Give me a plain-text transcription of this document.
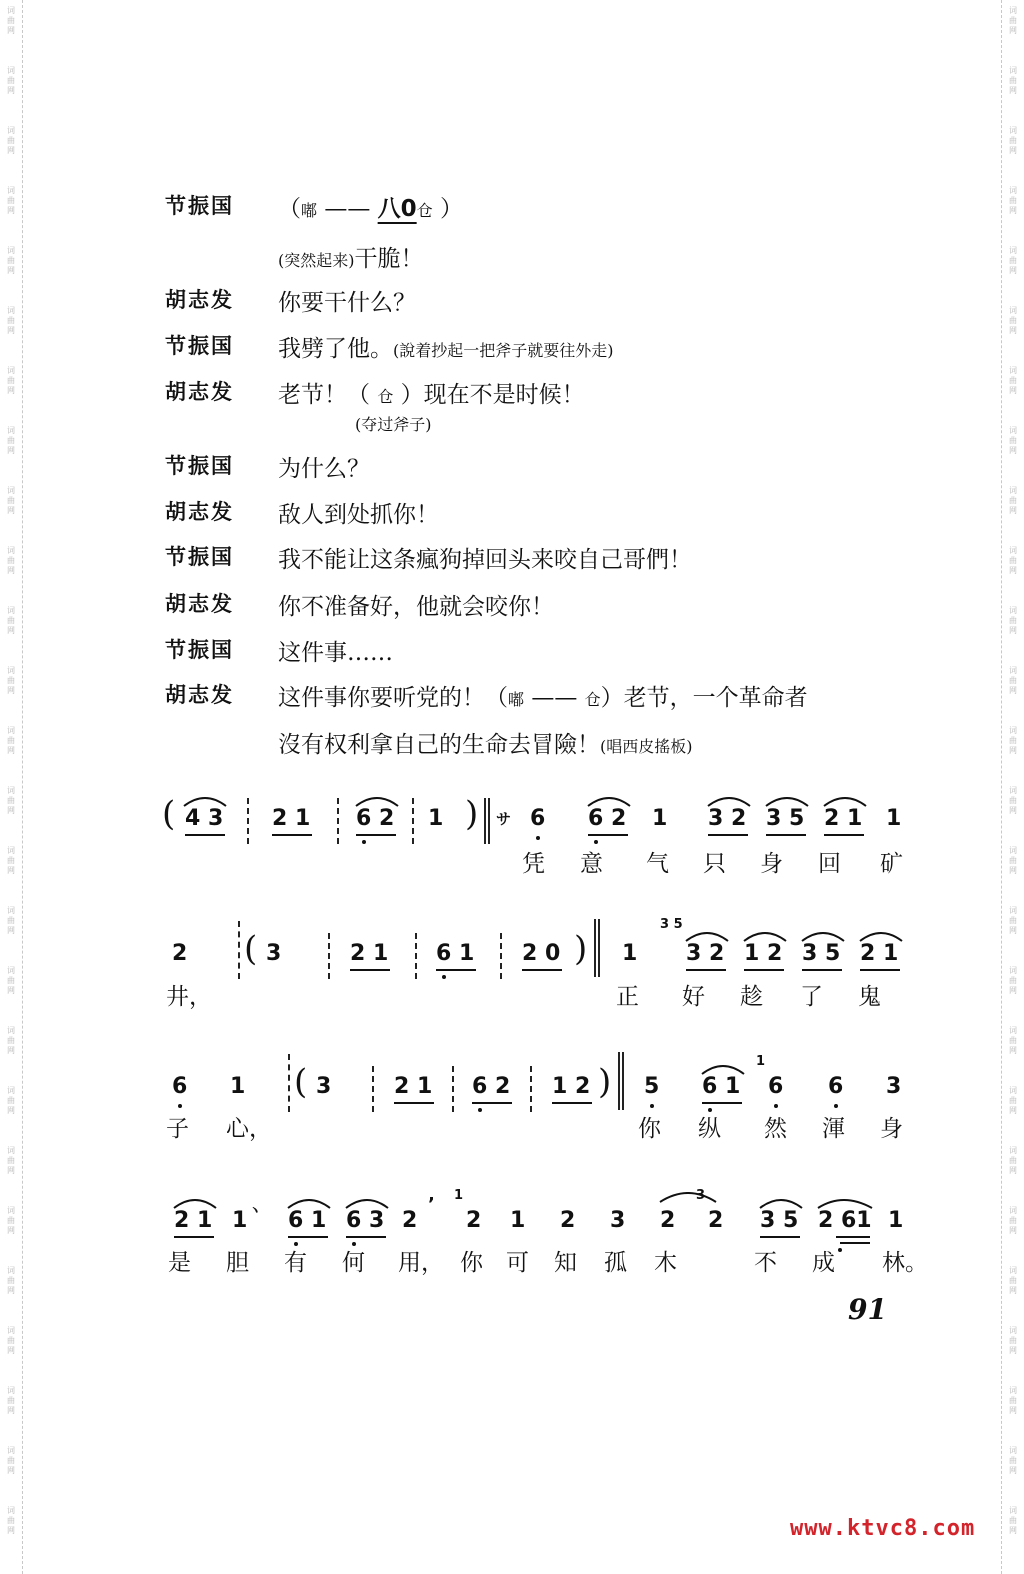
词
曲
网
词
曲
网
词
曲
网
词
曲
网
词
曲
网
词
曲
网
词
曲
网
词
曲
网
词
曲
网
词
曲
网
词
曲
网
词
曲
网
词
曲
网
词
曲
网
词
曲
网
词
曲
网
词
曲
网
词
曲
网
词
曲
网
词
曲
网
词
曲
网
词
曲
网
词
曲
网
词
曲
网
词
曲
网
词
曲
网
词
曲
网
词
曲
网
词
曲
网
词
曲
网
词
曲
网
词
曲
网
词
曲
网
词
曲
网
词
曲
网
词
曲
网
词
曲
网
词
曲
网
词
曲
网
词
曲
网
词
曲
网
词
曲
网
词
曲
网
词
曲
网
词
曲
网
词
曲
网
词
曲
网
词
曲
网
词
曲
网
词
曲
网
词
曲
网
词
曲
网
节振国 （嘟 —— 八0仓 ）
(突然起来)干脆！
胡志发 你要干什么？
节振国 我劈了他。(說着抄起一把斧子就要往外走)
胡志发 老节！（ 仓 ）现在不是时候！
(夺过斧子)
节振国 为什么？
胡志发 敌人到处抓你！
节振国 我不能让这条瘋狗掉回头来咬自己哥們！
胡志发 你不准备好，他就会咬你！
节振国 这件事……
胡志发 这件事你要听党的！（嘟 —— 仓）老节，一个革命者
沒有权利拿自己的生命去冒險！(唱西皮搖板)
( 4 3 2 1 6 2 1 ) サ 6 6 2 1 3 2 3 5 2 1 1
凭 意 气 只 身 回 矿
2 ( 3	2 1 6 1 2 0 ) 1
3 5
3 2 1 2 3 5 2 1
井，	正 好 趁 了 鬼
6 1 ( 3	2 1 6 2 1 2 ) 5 6 1
1
6 6 3
子 心，	你 纵 然 渾 身
2 1 1 ヽ 6 1 6 3 2
’ 1
2 1 2 3 2
3
2 3 5 2 61 1
是 胆 有 何 用， 你 可 知 孤 木	不 成 林。
91
www.ktvc8.com
